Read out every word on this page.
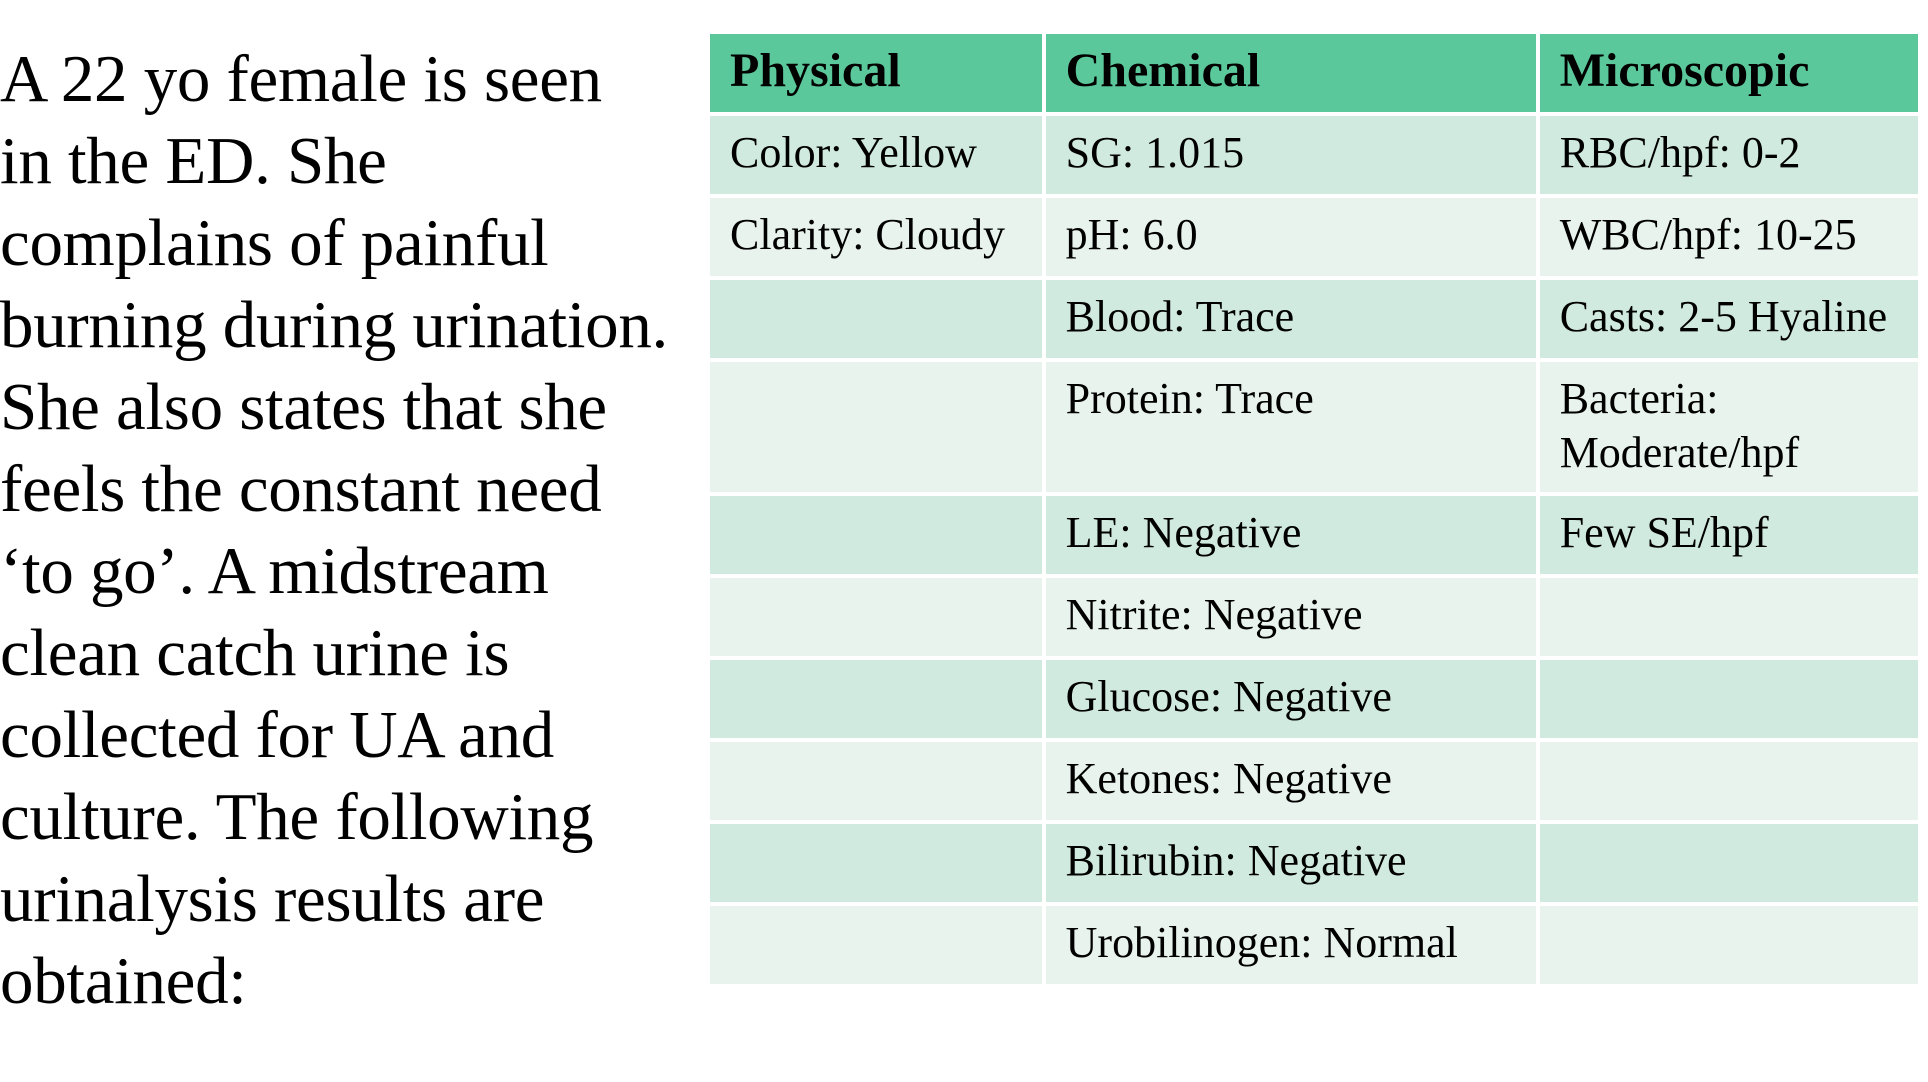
A 22 yo female is seen
in the ED. She
complains of painful
burning during urination.
She also states that she
feels the constant need
‘to go’. A midstream
clean catch urine is
collected for UA and
culture. The following
urinalysis results are
obtained:

Physical	Chemical	Microscopic
Color: Yellow	SG: 1.015	RBC/hpf: 0-2
Clarity: Cloudy	pH: 6.0	WBC/hpf: 10-25
	Blood: Trace	Casts: 2-5 Hyaline
	Protein: Trace	Bacteria: Moderate/hpf
	LE: Negative	Few SE/hpf
	Nitrite: Negative	
	Glucose: Negative	
	Ketones: Negative	
	Bilirubin: Negative	
	Urobilinogen: Normal	
